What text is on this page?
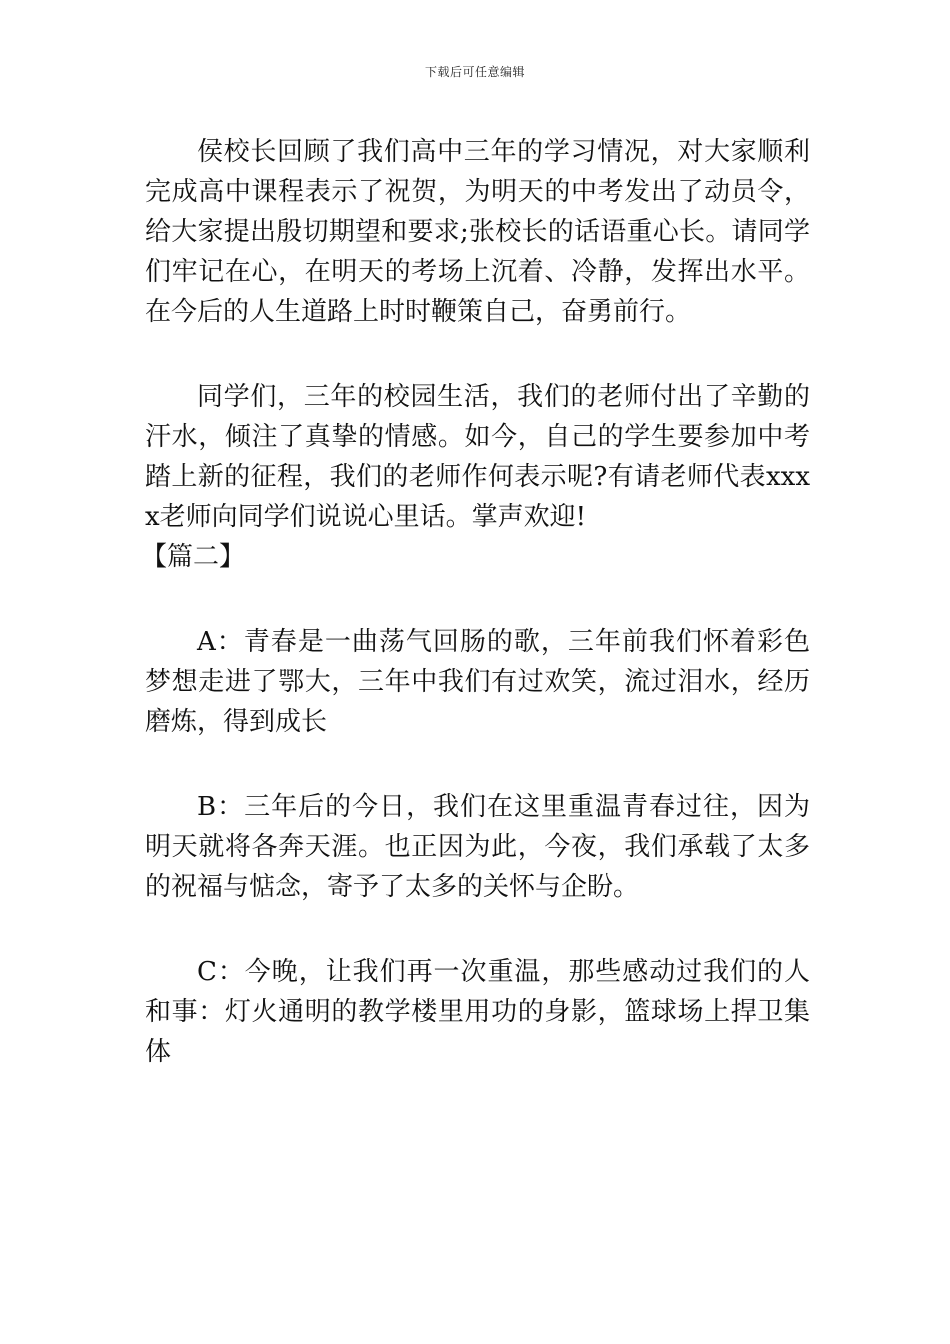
下载后可任意编辑

侯校长回顾了我们高中三年的学习情况，对大家顺利完成高中课程表示了祝贺，为明天的中考发出了动员令，给大家提出殷切期望和要求;张校长的话语重心长。请同学们牢记在心，在明天的考场上沉着、冷静，发挥出水平。在今后的人生道路上时时鞭策自己，奋勇前行。

同学们，三年的校园生活，我们的老师付出了辛勤的汗水，倾注了真挚的情感。如今，自己的学生要参加中考踏上新的征程，我们的老师作何表示呢?有请老师代表xxxx老师向同学们说说心里话。掌声欢迎!

【篇二】

A：青春是一曲荡气回肠的歌，三年前我们怀着彩色梦想走进了鄂大，三年中我们有过欢笑，流过泪水，经历磨炼，得到成长

B：三年后的今日，我们在这里重温青春过往，因为明天就将各奔天涯。也正因为此，今夜，我们承载了太多的祝福与惦念，寄予了太多的关怀与企盼。

C：今晚，让我们再一次重温，那些感动过我们的人和事：灯火通明的教学楼里用功的身影，篮球场上捍卫集体
